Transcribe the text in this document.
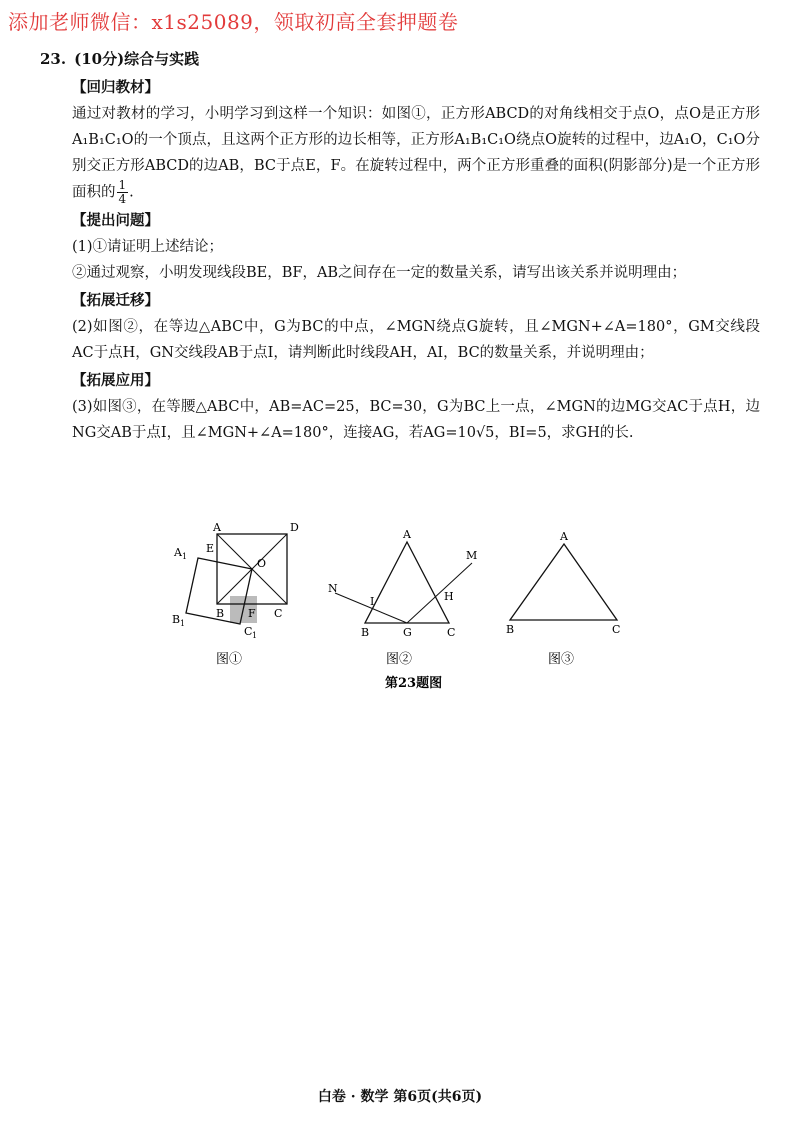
添加老师微信：x1s25089，领取初高全套押题卷
23. (10分)综合与实践
【回归教材】
通过对教材的学习，小明学习到这样一个知识：如图①，正方形ABCD的对角线相交于点O，点O是正方形A₁B₁C₁O的一个顶点，且这两个正方形的边长相等，正方形A₁B₁C₁O绕点O旋转的过程中，边A₁O，C₁O分别交正方形ABCD的边AB，BC于点E，F。在旋转过程中，两个正方形重叠的面积(阴影部分)是一个正方形面积的 $\frac{1}{4}$ .
【提出问题】
(1)①请证明上述结论；
②通过观察，小明发现线段BE，BF，AB之间存在一定的数量关系，请写出该关系并说明理由；
【拓展迁移】
(2)如图②，在等边△ABC中，G为BC的中点，∠MGN绕点G旋转，且∠MGN+∠A=180°，GM交线段AC于点H，GN交线段AB于点I，请判断此时线段AH，AI，BC的数量关系，并说明理由；
【拓展应用】
(3)如图③，在等腰△ABC中，AB=AC=25，BC=30，G为BC上一点，∠MGN的边MG交AC于点H，边NG交AB于点I，且∠MGN+∠A=180°，连接AG，若AG=10√5，BI=5，求GH的长.
A	D
E
O
A 1
B F C
B 1
C 1
图①
A
M
N
I	H
B	G	C
图②
第23题图
A
B	C
图③
白卷 · 数学 第6页(共6页)
